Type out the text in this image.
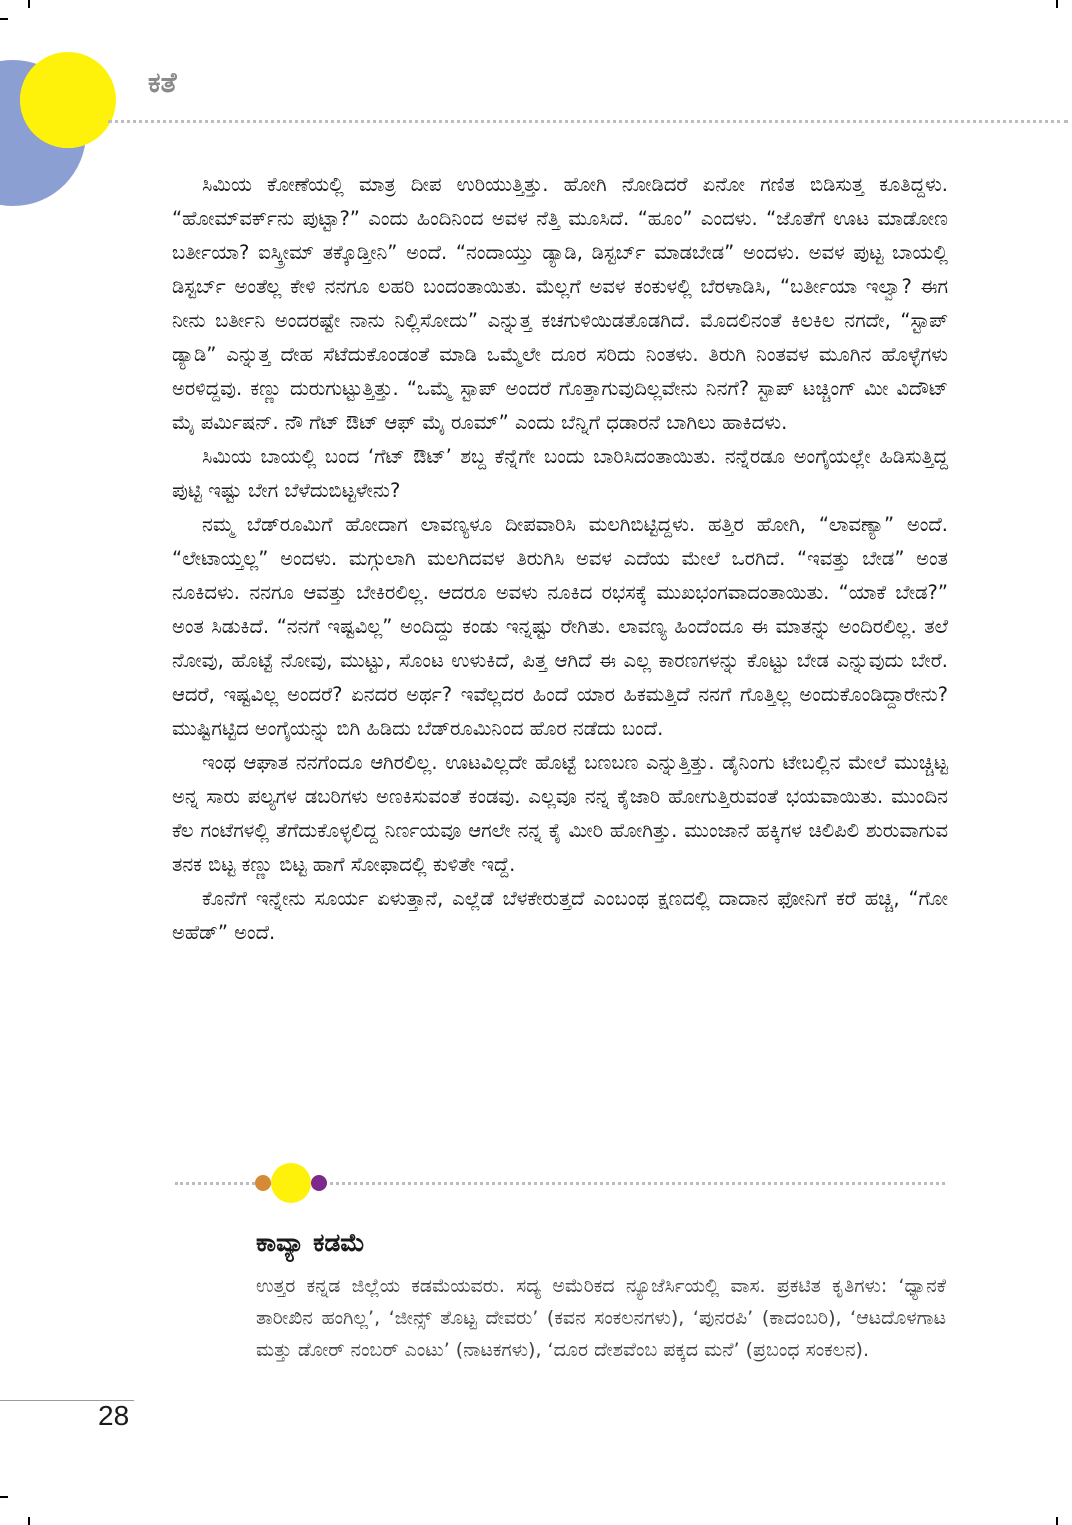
ಕತೆ

ಸಿಮಿಯ ಕೋಣೆಯಲ್ಲಿ ಮಾತ್ರ ದೀಪ ಉರಿಯುತ್ತಿತ್ತು. ಹೋಗಿ ನೋಡಿದರೆ ಏನೋ ಗಣಿತ ಬಿಡಿಸುತ್ತ ಕೂತಿದ್ದಳು. “ಹೋಮ್‌ವರ್ಕ್‌ನು ಪುಟ್ಟಾ?” ಎಂದು ಹಿಂದಿನಿಂದ ಅವಳ ನೆತ್ತಿ ಮೂಸಿದೆ. “ಹೂಂ” ಎಂದಳು. “ಜೊತೆಗೆ ಊಟ ಮಾಡೋಣ ಬರ್ತೀಯಾ? ಐಸ್ಕ್ರೀಮ್ ತಕ್ಕೊಡ್ತೀನಿ” ಅಂದೆ. “ನಂದಾಯ್ತು ಡ್ಯಾಡಿ, ಡಿಸ್ಟರ್ಬ್ ಮಾಡಬೇಡ” ಅಂದಳು. ಅವಳ ಪುಟ್ಟ ಬಾಯಲ್ಲಿ ಡಿಸ್ಟರ್ಬ್ ಅಂತೆಲ್ಲ ಕೇಳಿ ನನಗೂ ಲಹರಿ ಬಂದಂತಾಯಿತು. ಮೆಲ್ಲಗೆ ಅವಳ ಕಂಕುಳಲ್ಲಿ ಬೆರಳಾಡಿಸಿ, “ಬರ್ತೀಯಾ ಇಲ್ವಾ? ಈಗ ನೀನು ಬರ್ತೀನಿ ಅಂದರಷ್ಟೇ ನಾನು ನಿಲ್ಲಿಸೋದು” ಎನ್ನುತ್ತ ಕಚಗುಳಿಯಿಡತೊಡಗಿದೆ. ಮೊದಲಿನಂತೆ ಕಿಲಕಿಲ ನಗದೇ, “ಸ್ಟಾಪ್ ಡ್ಯಾಡಿ” ಎನ್ನುತ್ತ ದೇಹ ಸೆಟೆದುಕೊಂಡಂತೆ ಮಾಡಿ ಒಮ್ಮೆಲೇ ದೂರ ಸರಿದು ನಿಂತಳು. ತಿರುಗಿ ನಿಂತವಳ ಮೂಗಿನ ಹೊಳ್ಳೆಗಳು ಅರಳಿದ್ದವು. ಕಣ್ಣು ದುರುಗುಟ್ಟುತ್ತಿತ್ತು. “ಒಮ್ಮೆ ಸ್ಟಾಪ್ ಅಂದರೆ ಗೊತ್ತಾಗುವುದಿಲ್ಲವೇನು ನಿನಗೆ? ಸ್ಟಾಪ್ ಟಚ್ಚಿಂಗ್ ಮೀ ವಿದೌಟ್ ಮೈ ಪರ್ಮಿಷನ್. ನೌ ಗೆಟ್ ಔಟ್ ಆಫ್ ಮೈ ರೂಮ್” ಎಂದು ಬೆನ್ನಿಗೆ ಧಡಾರನೆ ಬಾಗಿಲು ಹಾಕಿದಳು.

ಸಿಮಿಯ ಬಾಯಲ್ಲಿ ಬಂದ ‘ಗೆಟ್ ಔಟ್’ ಶಬ್ದ ಕೆನ್ನೆಗೇ ಬಂದು ಬಾರಿಸಿದಂತಾಯಿತು. ನನ್ನೆರಡೂ ಅಂಗೈಯಲ್ಲೇ ಹಿಡಿಸುತ್ತಿದ್ದ ಪುಟ್ಟಿ ಇಷ್ಟು ಬೇಗ ಬೆಳೆದುಬಿಟ್ಟಳೇನು?

ನಮ್ಮ ಬೆಡ್‌ರೂಮಿಗೆ ಹೋದಾಗ ಲಾವಣ್ಯಳೂ ದೀಪವಾರಿಸಿ ಮಲಗಿಬಿಟ್ಟಿದ್ದಳು. ಹತ್ತಿರ ಹೋಗಿ, “ಲಾವಣ್ಯಾ” ಅಂದೆ. “ಲೇಟಾಯ್ತಲ್ಲ” ಅಂದಳು. ಮಗ್ಗುಲಾಗಿ ಮಲಗಿದವಳ ತಿರುಗಿಸಿ ಅವಳ ಎದೆಯ ಮೇಲೆ ಒರಗಿದೆ. “ಇವತ್ತು ಬೇಡ” ಅಂತ ನೂಕಿದಳು. ನನಗೂ ಆವತ್ತು ಬೇಕಿರಲಿಲ್ಲ. ಆದರೂ ಅವಳು ನೂಕಿದ ರಭಸಕ್ಕೆ ಮುಖಭಂಗವಾದಂತಾಯಿತು. “ಯಾಕೆ ಬೇಡ?” ಅಂತ ಸಿಡುಕಿದೆ. “ನನಗೆ ಇಷ್ಟವಿಲ್ಲ” ಅಂದಿದ್ದು ಕಂಡು ಇನ್ನಷ್ಟು ರೇಗಿತು. ಲಾವಣ್ಯ ಹಿಂದೆಂದೂ ಈ ಮಾತನ್ನು ಅಂದಿರಲಿಲ್ಲ. ತಲೆ ನೋವು, ಹೊಟ್ಟೆ ನೋವು, ಮುಟ್ಟು, ಸೊಂಟ ಉಳುಕಿದೆ, ಪಿತ್ತ ಆಗಿದೆ ಈ ಎಲ್ಲ ಕಾರಣಗಳನ್ನು ಕೊಟ್ಟು ಬೇಡ ಎನ್ನುವುದು ಬೇರೆ. ಆದರೆ, ಇಷ್ಟವಿಲ್ಲ ಅಂದರೆ? ಏನದರ ಅರ್ಥ? ಇವೆಲ್ಲದರ ಹಿಂದೆ ಯಾರ ಹಿಕಮತ್ತಿದೆ ನನಗೆ ಗೊತ್ತಿಲ್ಲ ಅಂದುಕೊಂಡಿದ್ದಾರೇನು? ಮುಷ್ಟಿಗಟ್ಟಿದ ಅಂಗೈಯನ್ನು ಬಿಗಿ ಹಿಡಿದು ಬೆಡ್‌ರೂಮಿನಿಂದ ಹೊರ ನಡೆದು ಬಂದೆ.

ಇಂಥ ಆಘಾತ ನನಗೆಂದೂ ಆಗಿರಲಿಲ್ಲ. ಊಟವಿಲ್ಲದೇ ಹೊಟ್ಟೆ ಬಣಬಣ ಎನ್ನುತ್ತಿತ್ತು. ಡೈನಿಂಗು ಟೇಬಲ್ಲಿನ ಮೇಲೆ ಮುಚ್ಚಿಟ್ಟ ಅನ್ನ ಸಾರು ಪಲ್ಯಗಳ ಡಬರಿಗಳು ಅಣಕಿಸುವಂತೆ ಕಂಡವು. ಎಲ್ಲವೂ ನನ್ನ ಕೈಜಾರಿ ಹೋಗುತ್ತಿರುವಂತೆ ಭಯವಾಯಿತು. ಮುಂದಿನ ಕೆಲ ಗಂಟೆಗಳಲ್ಲಿ ತೆಗೆದುಕೊಳ್ಳಲಿದ್ದ ನಿರ್ಣಯವೂ ಆಗಲೇ ನನ್ನ ಕೈ ಮೀರಿ ಹೋಗಿತ್ತು. ಮುಂಜಾನೆ ಹಕ್ಕಿಗಳ ಚಿಲಿಪಿಲಿ ಶುರುವಾಗುವ ತನಕ ಬಿಟ್ಟ ಕಣ್ಣು ಬಿಟ್ಟ ಹಾಗೆ ಸೋಫಾದಲ್ಲಿ ಕುಳಿತೇ ಇದ್ದೆ.

ಕೊನೆಗೆ ಇನ್ನೇನು ಸೂರ್ಯ ಏಳುತ್ತಾನೆ, ಎಲ್ಲೆಡೆ ಬೆಳಕೇರುತ್ತದೆ ಎಂಬಂಥ ಕ್ಷಣದಲ್ಲಿ ದಾದಾನ ಫೋನಿಗೆ ಕರೆ ಹಚ್ಚಿ, “ಗೋ ಅಹೆಡ್” ಅಂದೆ.

ಕಾವ್ಯಾ ಕಡಮೆ
ಉತ್ತರ ಕನ್ನಡ ಜಿಲ್ಲೆಯ ಕಡಮೆಯವರು. ಸದ್ಯ ಅಮೆರಿಕದ ನ್ಯೂಜೆರ್ಸಿಯಲ್ಲಿ ವಾಸ. ಪ್ರಕಟಿತ ಕೃತಿಗಳು: ‘ಧ್ಯಾನಕೆ ತಾರೀಖಿನ ಹಂಗಿಲ್ಲ’, ‘ಜೀನ್ಸ್ ತೊಟ್ಟ ದೇವರು’ (ಕವನ ಸಂಕಲನಗಳು), ‘ಪುನರಪಿ’ (ಕಾದಂಬರಿ), ‘ಆಟದೊಳಗಾಟ ಮತ್ತು ಡೋರ್ ನಂಬರ್ ಎಂಟು’ (ನಾಟಕಗಳು), ‘ದೂರ ದೇಶವೆಂಬ ಪಕ್ಕದ ಮನೆ’ (ಪ್ರಬಂಧ ಸಂಕಲನ).
28
